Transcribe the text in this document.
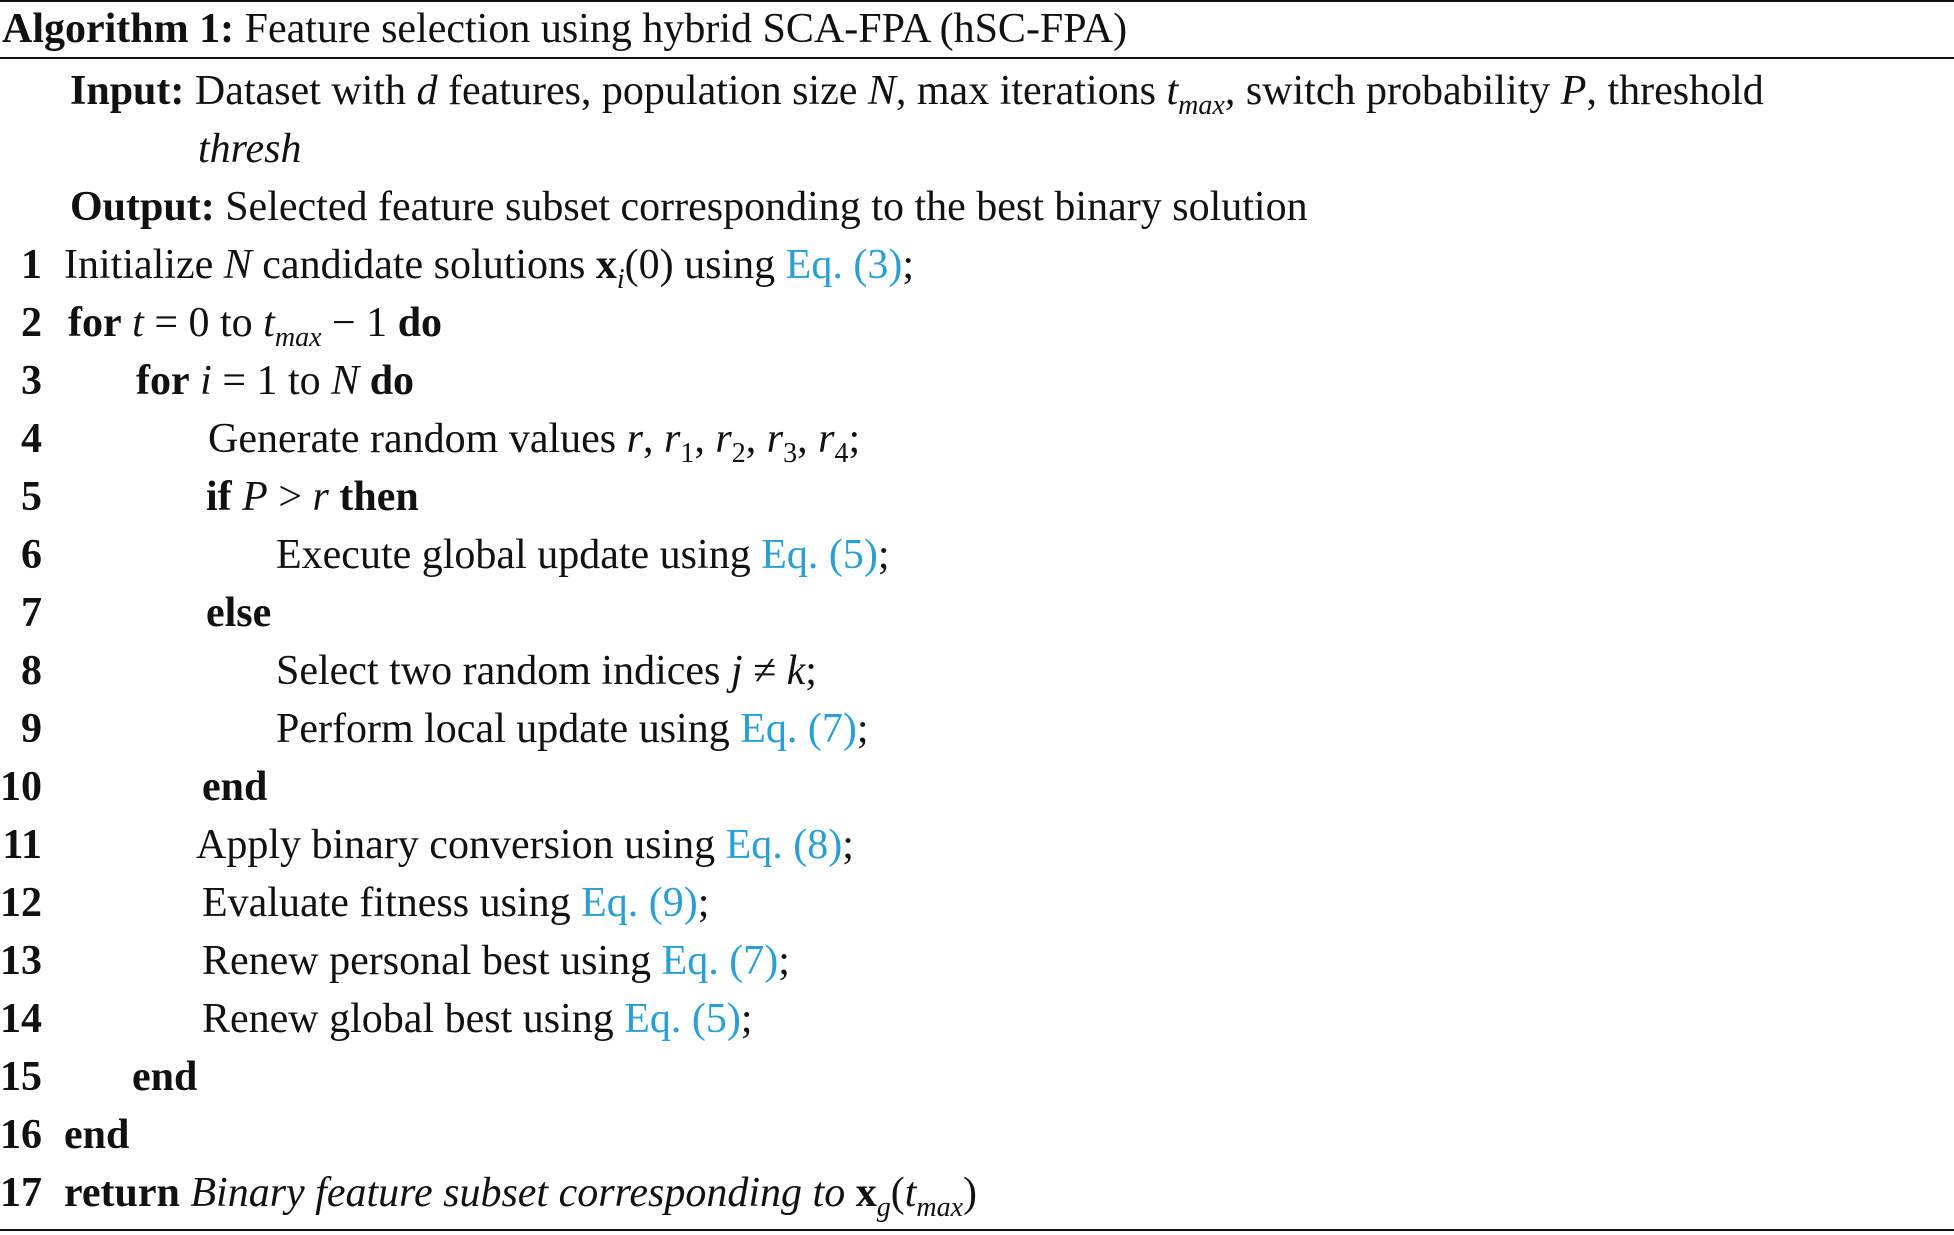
Algorithm 1: Feature selection using hybrid SCA-FPA (hSC-FPA)
Input: Dataset with d features, population size N, max iterations $t_{max}$, switch probability P, threshold
thresh
Output: Selected feature subset corresponding to the best binary solution
1 Initialize N candidate solutions $x_i(0)$ using Eq. (3);
2 for t = 0 to $t_{max} - 1$ do
3 for i = 1 to N do
4	Generate random values r, $r_1$, $r_2$, $r_3$, $r_4$;
5	if P > r then
6	Execute global update using Eq. (5);
7	else
8	Select two random indices j ≠ k;
9	Perform local update using Eq. (7);
10	end
11	Apply binary conversion using Eq. (8);
12	Evaluate fitness using Eq. (9);
13	Renew personal best using Eq. (7);
14	Renew global best using Eq. (5);
15 end
16 end
17 return Binary feature subset corresponding to $x_g(t_{max})$
